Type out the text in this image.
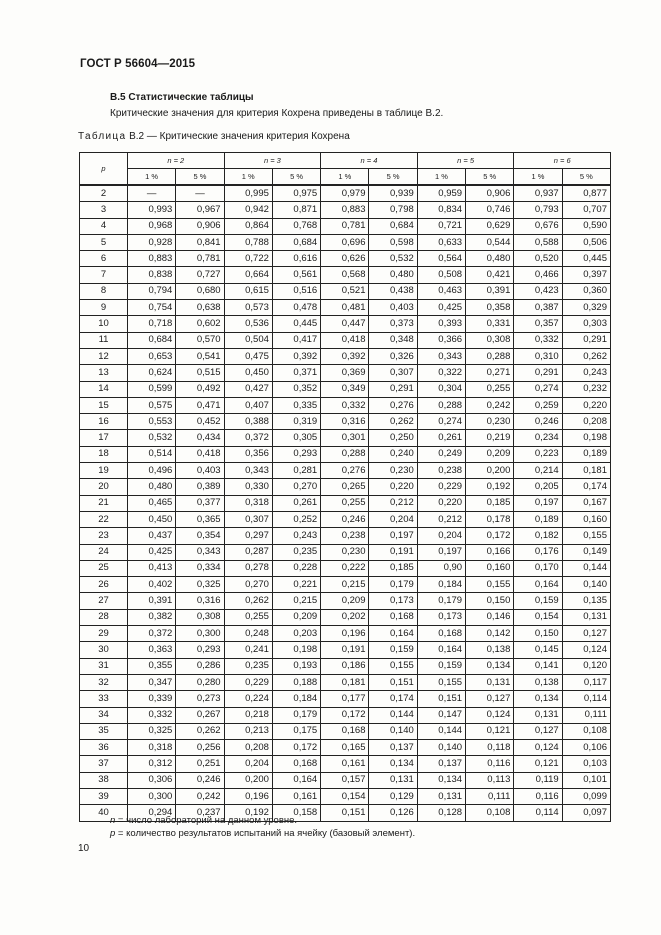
ГОСТ Р 56604—2015
В.5 Статистические таблицы
Критические значения для критерия Кохрена приведены в таблице В.2.
Таблица В.2 — Критические значения критерия Кохрена
p	n = 2		n = 3		n = 4		n = 5		n = 6	
	1 %	5 %	1 %	5 %	1 %	5 %	1 %	5 %	1 %	5 %
2	—	—	0,995	0,975	0,979	0,939	0,959	0,906	0,937	0,877
3	0,993	0,967	0,942	0,871	0,883	0,798	0,834	0,746	0,793	0,707
4	0,968	0,906	0,864	0,768	0,781	0,684	0,721	0,629	0,676	0,590
5	0,928	0,841	0,788	0,684	0,696	0,598	0,633	0,544	0,588	0,506
6	0,883	0,781	0,722	0,616	0,626	0,532	0,564	0,480	0,520	0,445
7	0,838	0,727	0,664	0,561	0,568	0,480	0,508	0,421	0,466	0,397
8	0,794	0,680	0,615	0,516	0,521	0,438	0,463	0,391	0,423	0,360
9	0,754	0,638	0,573	0,478	0,481	0,403	0,425	0,358	0,387	0,329
10	0,718	0,602	0,536	0,445	0,447	0,373	0,393	0,331	0,357	0,303
11	0,684	0,570	0,504	0,417	0,418	0,348	0,366	0,308	0,332	0,291
12	0,653	0,541	0,475	0,392	0,392	0,326	0,343	0,288	0,310	0,262
13	0,624	0,515	0,450	0,371	0,369	0,307	0,322	0,271	0,291	0,243
14	0,599	0,492	0,427	0,352	0,349	0,291	0,304	0,255	0,274	0,232
15	0,575	0,471	0,407	0,335	0,332	0,276	0,288	0,242	0,259	0,220
16	0,553	0,452	0,388	0,319	0,316	0,262	0,274	0,230	0,246	0,208
17	0,532	0,434	0,372	0,305	0,301	0,250	0,261	0,219	0,234	0,198
18	0,514	0,418	0,356	0,293	0,288	0,240	0,249	0,209	0,223	0,189
19	0,496	0,403	0,343	0,281	0,276	0,230	0,238	0,200	0,214	0,181
20	0,480	0,389	0,330	0,270	0,265	0,220	0,229	0,192	0,205	0,174
21	0,465	0,377	0,318	0,261	0,255	0,212	0,220	0,185	0,197	0,167
22	0,450	0,365	0,307	0,252	0,246	0,204	0,212	0,178	0,189	0,160
23	0,437	0,354	0,297	0,243	0,238	0,197	0,204	0,172	0,182	0,155
24	0,425	0,343	0,287	0,235	0,230	0,191	0,197	0,166	0,176	0,149
25	0,413	0,334	0,278	0,228	0,222	0,185	0,90	0,160	0,170	0,144
26	0,402	0,325	0,270	0,221	0,215	0,179	0,184	0,155	0,164	0,140
27	0,391	0,316	0,262	0,215	0,209	0,173	0,179	0,150	0,159	0,135
28	0,382	0,308	0,255	0,209	0,202	0,168	0,173	0,146	0,154	0,131
29	0,372	0,300	0,248	0,203	0,196	0,164	0,168	0,142	0,150	0,127
30	0,363	0,293	0,241	0,198	0,191	0,159	0,164	0,138	0,145	0,124
31	0,355	0,286	0,235	0,193	0,186	0,155	0,159	0,134	0,141	0,120
32	0,347	0,280	0,229	0,188	0,181	0,151	0,155	0,131	0,138	0,117
33	0,339	0,273	0,224	0,184	0,177	0,174	0,151	0,127	0,134	0,114
34	0,332	0,267	0,218	0,179	0,172	0,144	0,147	0,124	0,131	0,111
35	0,325	0,262	0,213	0,175	0,168	0,140	0,144	0,121	0,127	0,108
36	0,318	0,256	0,208	0,172	0,165	0,137	0,140	0,118	0,124	0,106
37	0,312	0,251	0,204	0,168	0,161	0,134	0,137	0,116	0,121	0,103
38	0,306	0,246	0,200	0,164	0,157	0,131	0,134	0,113	0,119	0,101
39	0,300	0,242	0,196	0,161	0,154	0,129	0,131	0,111	0,116	0,099
40	0,294	0,237	0,192	0,158	0,151	0,126	0,128	0,108	0,114	0,097
n = число лабораторий на данном уровне.
p = количество результатов испытаний на ячейку (базовый элемент).
10
